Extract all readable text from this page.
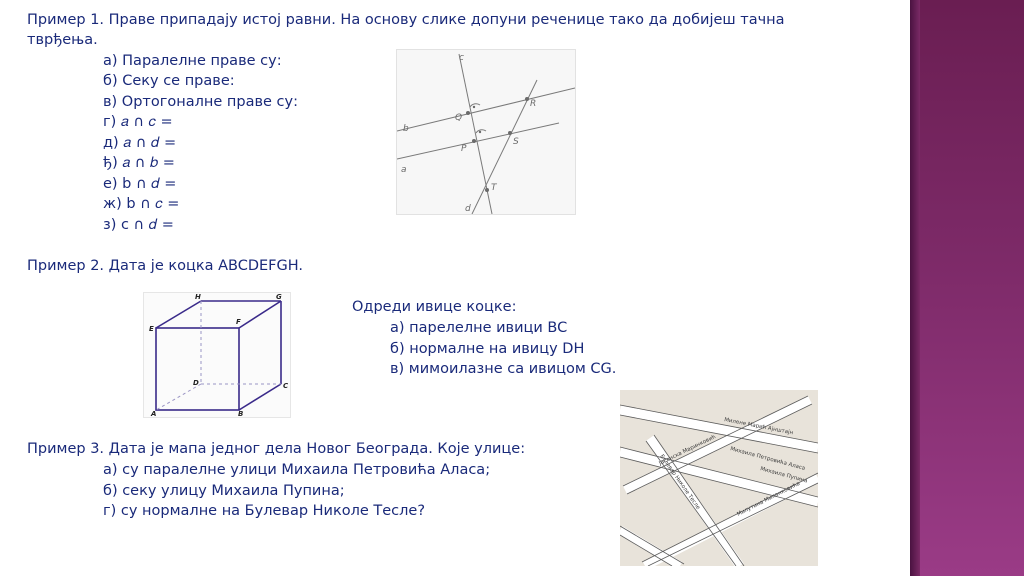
Пример 1. Праве припадају истој равни. На основу слике допуни реченице тако да добијеш тачна
тврђења.
а) Паралелне праве су:
б) Секу се праве:
в) Ортогоналне праве су:
г) 𝑎 ∩ 𝑐 =
д) 𝑎 ∩ 𝑑 =
ђ) 𝑎 ∩ 𝑏 =
е) b ∩ 𝑑 =
ж) b ∩ 𝑐 =
з) c ∩ 𝑑 =
c
d
a
b
Q
R
P
S
T
Пример 2. Дата је коцка ABCDEFGH.
A	B
C
D
E
F
G
H
Одреди ивице коцке:
а) парелелне ивици BC
б) нормалне на ивицу DH
в) мимоилазне са ивицом CG.
Пример 3. Дата је мапа једног дела Новог Београда. Које улице:
а) су паралелне улици Михаила Петровића Аласа;
б) секу улицу Михаила Пупина;
г) су нормалне на Булевар Николе Тесле?
Милене Марић Ајнштајн
Михаила Петровића Аласа
Михаила Пупина
Милутина Миланковића
Булевар Николе Тесле
Јасенска Маринковић
